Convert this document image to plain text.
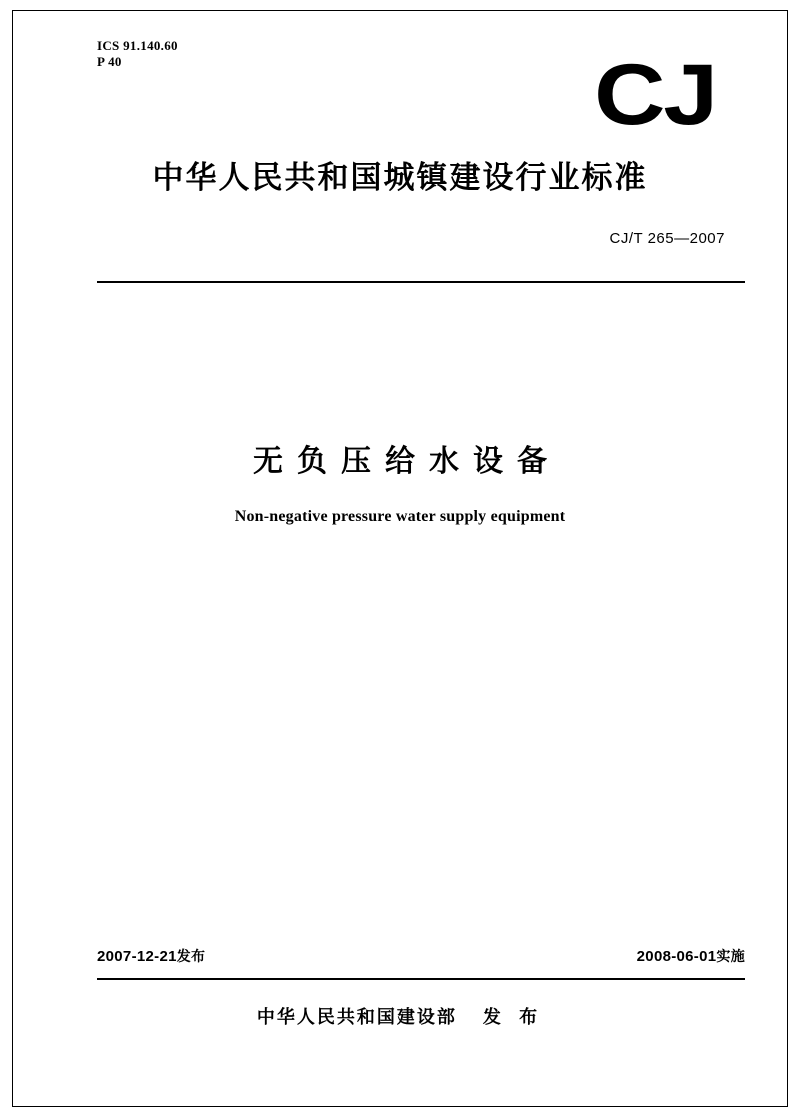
ICS 91.140.60
P 40	CJ
中华人民共和国城镇建设行业标准
CJ/T 265—2007
无负压给水设备
Non-negative pressure water supply equipment
2007-12-21发布	2008-06-01实施
中华人民共和国建设部 发 布
